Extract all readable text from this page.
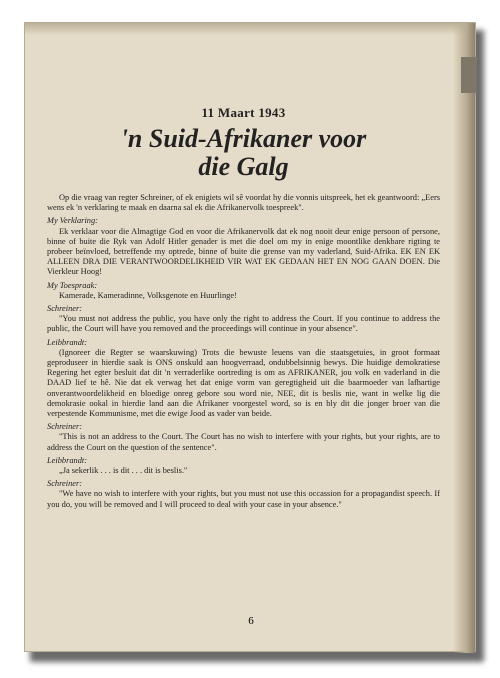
11 Maart 1943
'n Suid-Afrikaner voor
die Galg

Op die vraag van regter Schreiner, of ek enigiets wil sê voordat hy die vonnis uitspreek, het ek geantwoord: „Eers wens ek 'n verklaring te maak en daarna sal ek die Afrikanervolk toespreek".

My Verklaring:

Ek verklaar voor die Almagtige God en voor die Afrikanervolk dat ek nog nooit deur enige persoon of persone, binne of buite die Ryk van Adolf Hitler genader is met die doel om my in enige moontlike denkbare rigting te probeer beïnvloed, betreffende my optrede, binne of buite die grense van my vaderland, Suid-Afrika. EK EN EK ALLEEN DRA DIE VERANTWOORDELIKHEID VIR WAT EK GEDAAN HET EN NOG GAAN DOEN. Die Vierkleur Hoog!

My Toespraak:

Kamerade, Kameradinne, Volksgenote en Huurlinge!

Schreiner:

"You must not address the public, you have only the right to address the Court. If you continue to address the public, the Court will have you removed and the proceedings will continue in your absence".

Leibbrandt:

(Ignoreer die Regter se waarskuwing) Trots die bewuste leuens van die staatsgetuies, in groot formaat geproduseer in hierdie saak is ONS onskuld aan hoogverraad, ondubbelsinnig bewys. Die huidige demokratiese Regering het egter besluit dat dit 'n verraderlike oortreding is om as AFRIKANER, jou volk en vaderland in die DAAD lief te hê. Nie dat ek verwag het dat enige vorm van geregtigheid uit die baarmoeder van lafhartige onverantwoordelikheid en bloedige onreg gebore sou word nie, NEE, dit is beslis nie, want in welke lig die demokrasie ookal in hierdie land aan die Afrikaner voorgestel word, so is en bly dit die jonger broer van die verpestende Kommunisme, met die ewige Jood as vader van beide.

Schreiner:

"This is not an address to the Court. The Court has no wish to interfere with your rights, but your rights, are to address the Court on the question of the sentence".

Leibbrandt:

„Ja sekerlik . . . is dit . . . dit is beslis."

Schreiner:

"We have no wish to interfere with your rights, but you must not use this occassion for a propagandist speech. If you do, you will be removed and I will proceed to deal with your case in your absence."

6
